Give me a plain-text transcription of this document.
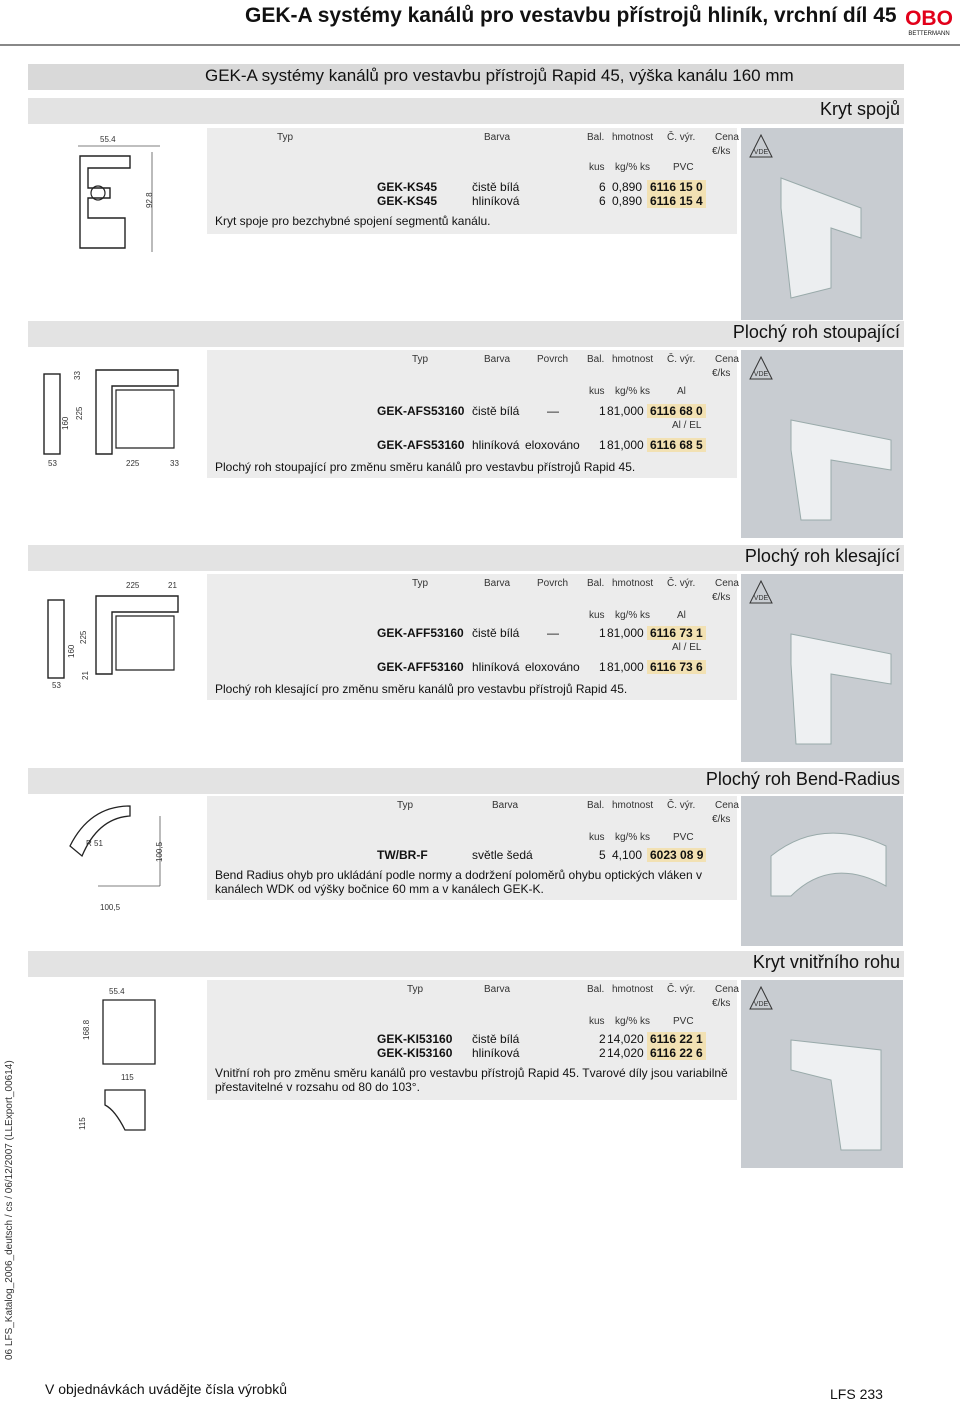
GEK-A systémy kanálů pro vestavbu přístrojů hliník, vrchní díl 45 OBO
BETTERMANN
GEK-A systémy kanálů pro vestavbu přístrojů Rapid 45, výška kanálu 160 mm
Kryt spojů
55.4
92.8
Typ	Barva	Bal. hmotnost Č. výr. Cena
kus kg/% ks PVC
€/ks
GEK-KS45	čistě bílá	6 0,890 6116 15 0
GEK-KS45	hliníková	6 0,890 6116 15 4
Kryt spoje pro bezchybné spojení segmentů kanálu.
VDE
Plochý roh stoupající
33
160
225
53	225	33
Typ	Barva	Povrch Bal. hmotnost Č. výr. Cena
kus kg/% ks	Al
€/ks
GEK-AFS53160 čistě bílá —	1 81,000 6116 68 0
Al / EL
GEK-AFS53160 hliníková eloxováno 1 81,000 6116 68 5
Plochý roh stoupající pro změnu směru kanálů pro vestavbu přístrojů Rapid 45.
VDE
Plochý roh klesající
225	21
160
225
53
21
Typ	Barva	Povrch Bal. hmotnost Č. výr. Cena
kus kg/% ks	Al
€/ks
GEK-AFF53160 čistě bílá —	1 81,000 6116 73 1
Al / EL
GEK-AFF53160 hliníková eloxováno 1 81,000 6116 73 6
Plochý roh klesající pro změnu směru kanálů pro vestavbu přístrojů Rapid 45.
VDE
Plochý roh Bend-Radius
R 51	100,5
100,5
Typ	Barva	Bal. hmotnost Č. výr. Cena
kus kg/% ks PVC
€/ks
TW/BR-F	světle šedá	5 4,100 6023 08 9
Bend Radius ohyb pro ukládání podle normy a dodržení poloměrů ohybu optických vláken v kanálech WDK od výšky bočnice 60 mm a v kanálech GEK-K.
Kryt vnitřního rohu
55.4
168.8
115
115
Typ	Barva	Bal. hmotnost Č. výr. Cena
kus kg/% ks PVC
€/ks
GEK-KI53160 čistě bílá	2 14,020 6116 22 1
GEK-KI53160 hliníková	2 14,020 6116 22 6
Vnitřní roh pro změnu směru kanálů pro vestavbu přístrojů Rapid 45. Tvarové díly jsou variabilně přestavitelné v rozsahu od 80 do 103°.
VDE
06 LFS_Katalog_2006_deutsch / cs / 06/12/2007 (LLExport_00614)
V objednávkách uvádějte čísla výrobků	LFS 233
